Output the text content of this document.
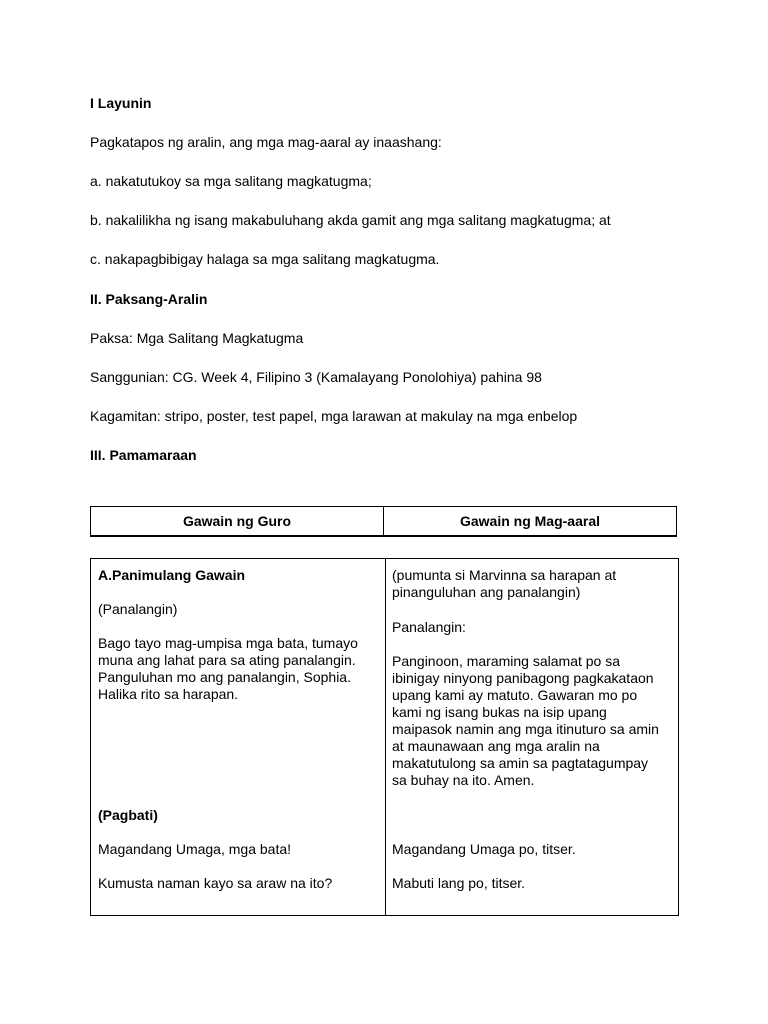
I Layunin

Pagkatapos ng aralin, ang mga mag-aaral ay inaashang:

a. nakatutukoy sa mga salitang magkatugma;

b. nakalilikha ng isang makabuluhang akda gamit ang mga salitang magkatugma; at

c. nakapagbibigay halaga sa mga salitang magkatugma.

II. Paksang-Aralin

Paksa: Mga Salitang Magkatugma

Sanggunian: CG. Week 4, Filipino 3 (Kamalayang Ponolohiya) pahina 98

Kagamitan: stripo, poster, test papel, mga larawan at makulay na mga enbelop

III. Pamamaraan

Gawain ng Guro	Gawain ng Mag-aaral

A.Panimulang Gawain

(Panalangin)

Bago tayo mag-umpisa mga bata, tumayo

muna ang lahat para sa ating panalangin.

Panguluhan mo ang panalangin, Sophia.

Halika rito sa harapan.

(Pagbati)

Magandang Umaga, mga bata!

Kumusta naman kayo sa araw na ito?

(pumunta si Marvinna sa harapan at

pinanguluhan ang panalangin)

Panalangin:

Panginoon, maraming salamat po sa

ibinigay ninyong panibagong pagkakataon

upang kami ay matuto. Gawaran mo po

kami ng isang bukas na isip upang

maipasok namin ang mga itinuturo sa amin

at maunawaan ang mga aralin na

makatutulong sa amin sa pagtatagumpay

sa buhay na ito. Amen.

Magandang Umaga po, titser.

Mabuti lang po, titser.
